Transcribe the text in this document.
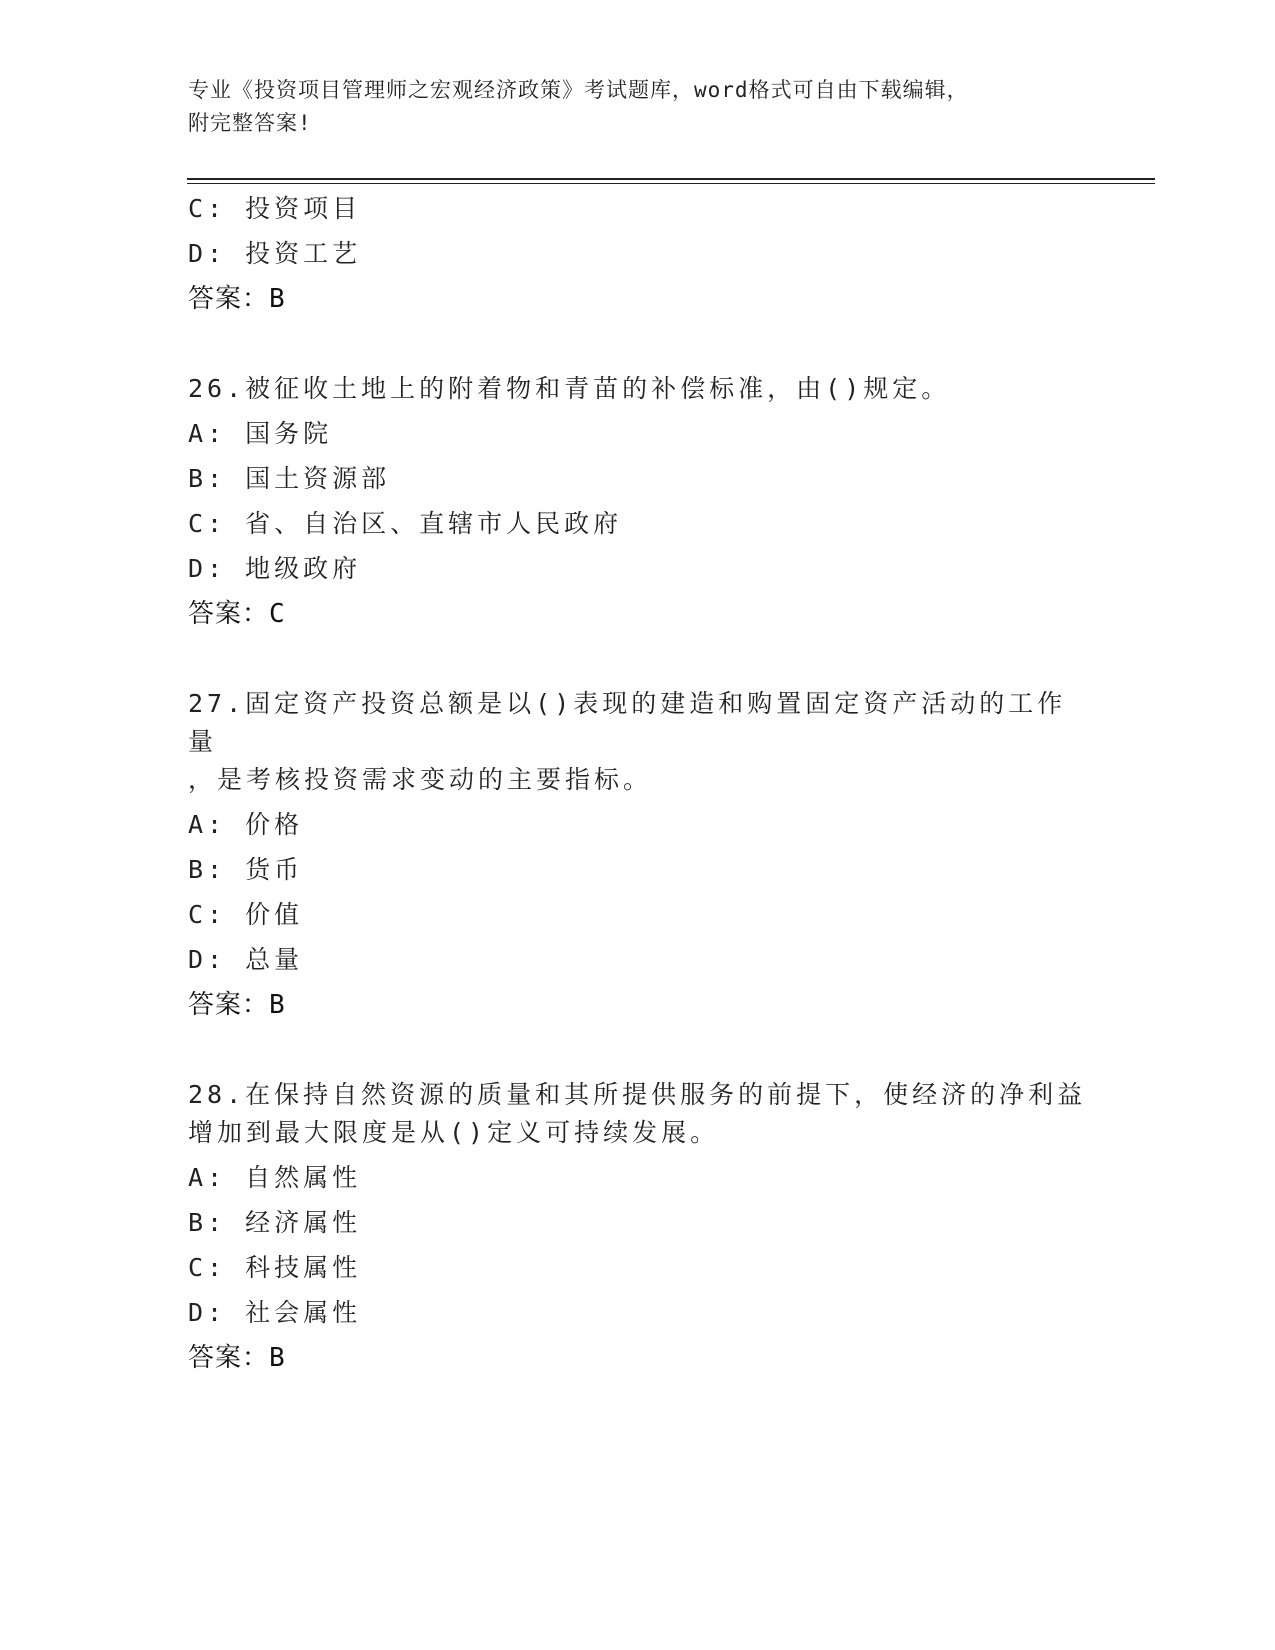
专业《投资项目管理师之宏观经济政策》考试题库，word格式可自由下载编辑，
附完整答案!
C: 投资项目
D: 投资工艺
答案：B
26.被征收土地上的附着物和青苗的补偿标准，由()规定。
A: 国务院
B: 国土资源部
C: 省、自治区、直辖市人民政府
D: 地级政府
答案：C
27.固定资产投资总额是以()表现的建造和购置固定资产活动的工作量
，是考核投资需求变动的主要指标。
A: 价格
B: 货币
C: 价值
D: 总量
答案：B
28.在保持自然资源的质量和其所提供服务的前提下，使经济的净利益
增加到最大限度是从()定义可持续发展。
A: 自然属性
B: 经济属性
C: 科技属性
D: 社会属性
答案：B
